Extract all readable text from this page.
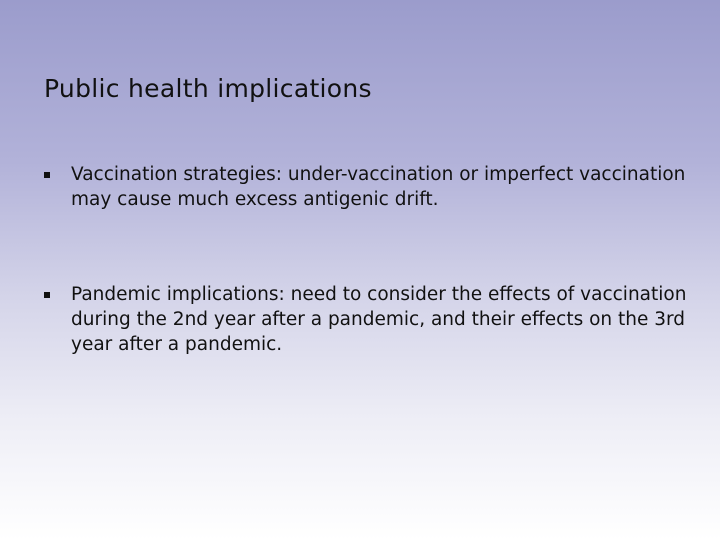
Public health implications
Vaccination strategies: under-vaccination or imperfect vaccination may cause much excess antigenic drift.
Pandemic implications: need to consider the effects of vaccination during the 2nd year after a pandemic, and their effects on the 3rd year after a pandemic.
